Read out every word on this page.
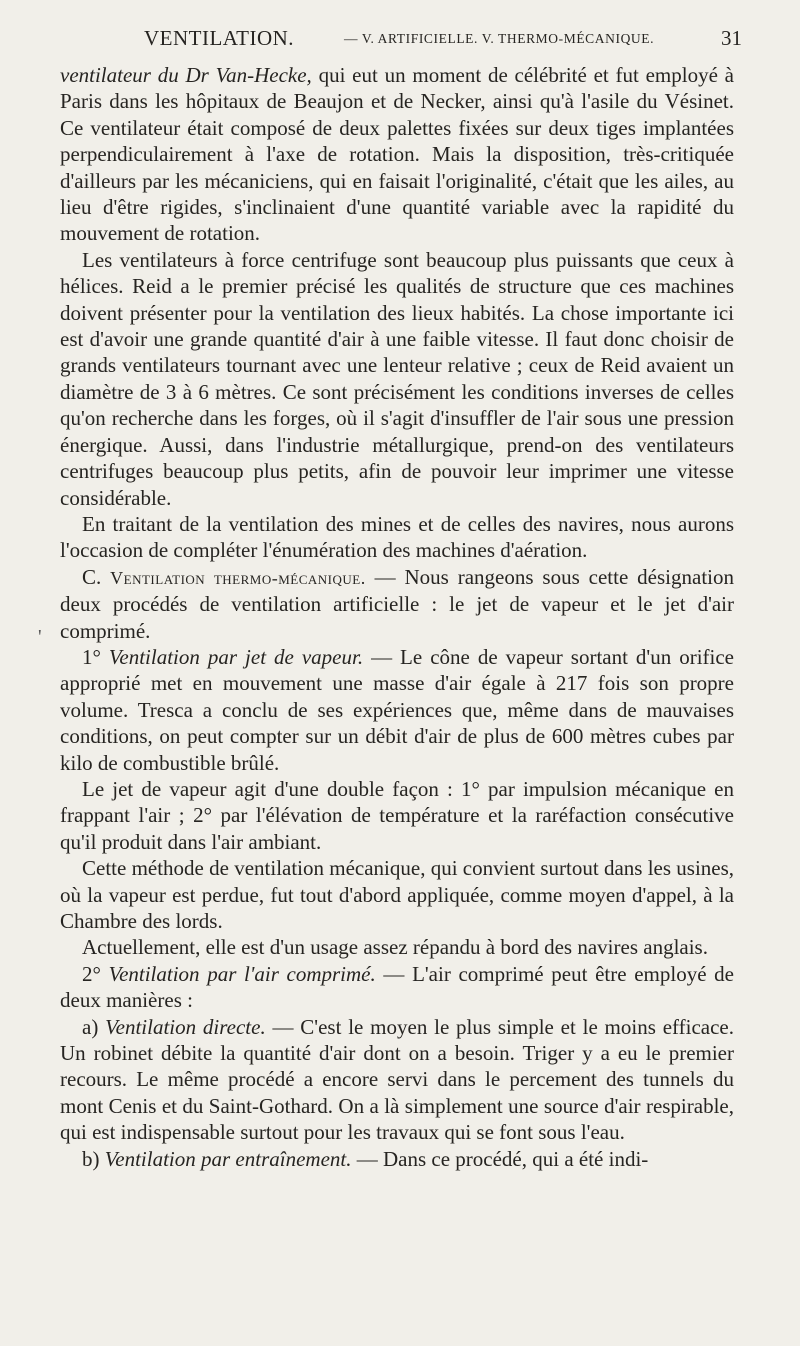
VENTILATION.	— V. ARTIFICIELLE. V. THERMO-MÉCANIQUE.	31
'

ventilateur du Dr Van-Hecke, qui eut un moment de célébrité et fut employé à Paris dans les hôpitaux de Beaujon et de Necker, ainsi qu'à l'asile du Vésinet. Ce ventilateur était composé de deux palettes fixées sur deux tiges implantées perpendiculairement à l'axe de rotation. Mais la disposition, très-critiquée d'ailleurs par les mécaniciens, qui en faisait l'originalité, c'était que les ailes, au lieu d'être rigides, s'inclinaient d'une quantité variable avec la rapidité du mouvement de rotation.

Les ventilateurs à force centrifuge sont beaucoup plus puissants que ceux à hélices. Reid a le premier précisé les qualités de structure que ces machines doivent présenter pour la ventilation des lieux habités. La chose importante ici est d'avoir une grande quantité d'air à une faible vitesse. Il faut donc choisir de grands ventilateurs tournant avec une lenteur relative ; ceux de Reid avaient un diamètre de 3 à 6 mètres. Ce sont précisément les conditions inverses de celles qu'on recherche dans les forges, où il s'agit d'insuffler de l'air sous une pression énergique. Aussi, dans l'industrie métallurgique, prend-on des ventilateurs centrifuges beaucoup plus petits, afin de pouvoir leur imprimer une vitesse considérable.

En traitant de la ventilation des mines et de celles des navires, nous aurons l'occasion de compléter l'énumération des machines d'aération.

C. Ventilation thermo-mécanique. — Nous rangeons sous cette désignation deux procédés de ventilation artificielle : le jet de vapeur et le jet d'air comprimé.

1° Ventilation par jet de vapeur. — Le cône de vapeur sortant d'un orifice approprié met en mouvement une masse d'air égale à 217 fois son propre volume. Tresca a conclu de ses expériences que, même dans de mauvaises conditions, on peut compter sur un débit d'air de plus de 600 mètres cubes par kilo de combustible brûlé.

Le jet de vapeur agit d'une double façon : 1° par impulsion mécanique en frappant l'air ; 2° par l'élévation de température et la raréfaction consécutive qu'il produit dans l'air ambiant.

Cette méthode de ventilation mécanique, qui convient surtout dans les usines, où la vapeur est perdue, fut tout d'abord appliquée, comme moyen d'appel, à la Chambre des lords.

Actuellement, elle est d'un usage assez répandu à bord des navires anglais.

2° Ventilation par l'air comprimé. — L'air comprimé peut être employé de deux manières :

a) Ventilation directe. — C'est le moyen le plus simple et le moins efficace. Un robinet débite la quantité d'air dont on a besoin. Triger y a eu le premier recours. Le même procédé a encore servi dans le percement des tunnels du mont Cenis et du Saint-Gothard. On a là simplement une source d'air respirable, qui est indispensable surtout pour les travaux qui se font sous l'eau.

b) Ventilation par entraînement. — Dans ce procédé, qui a été indi-
